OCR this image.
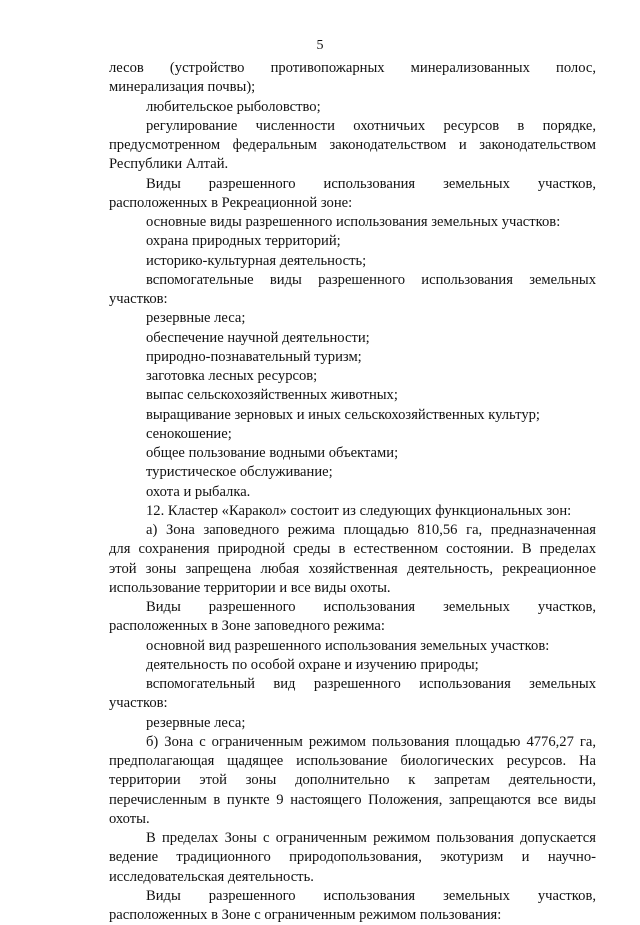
5
лесов (устройство противопожарных минерализованных полос,
минерализация почвы);
любительское рыболовство;
регулирование численности охотничьих ресурсов в порядке,
предусмотренном федеральным законодательством и законодательством
Республики Алтай.
Виды разрешенного использования земельных участков,
расположенных в Рекреационной зоне:
основные виды разрешенного использования земельных участков:
охрана природных территорий;
историко-культурная деятельность;
вспомогательные виды разрешенного использования земельных
участков:
резервные леса;
обеспечение научной деятельности;
природно-познавательный туризм;
заготовка лесных ресурсов;
выпас сельскохозяйственных животных;
выращивание зерновых и иных сельскохозяйственных культур;
сенокошение;
общее пользование водными объектами;
туристическое обслуживание;
охота и рыбалка.
12. Кластер «Каракол» состоит из следующих функциональных зон:
а) Зона заповедного режима площадью 810,56 га, предназначенная
для сохранения природной среды в естественном состоянии. В пределах
этой зоны запрещена любая хозяйственная деятельность, рекреационное
использование территории и все виды охоты.
Виды разрешенного использования земельных участков,
расположенных в Зоне заповедного режима:
основной вид разрешенного использования земельных участков:
деятельность по особой охране и изучению природы;
вспомогательный вид разрешенного использования земельных
участков:
резервные леса;
б) Зона с ограниченным режимом пользования площадью 4776,27 га,
предполагающая щадящее использование биологических ресурсов. На
территории этой зоны дополнительно к запретам деятельности,
перечисленным в пункте 9 настоящего Положения, запрещаются все виды
охоты.
В пределах Зоны с ограниченным режимом пользования допускается
ведение традиционного природопользования, экотуризм и научно-
исследовательская деятельность.
Виды разрешенного использования земельных участков,
расположенных в Зоне с ограниченным режимом пользования:
